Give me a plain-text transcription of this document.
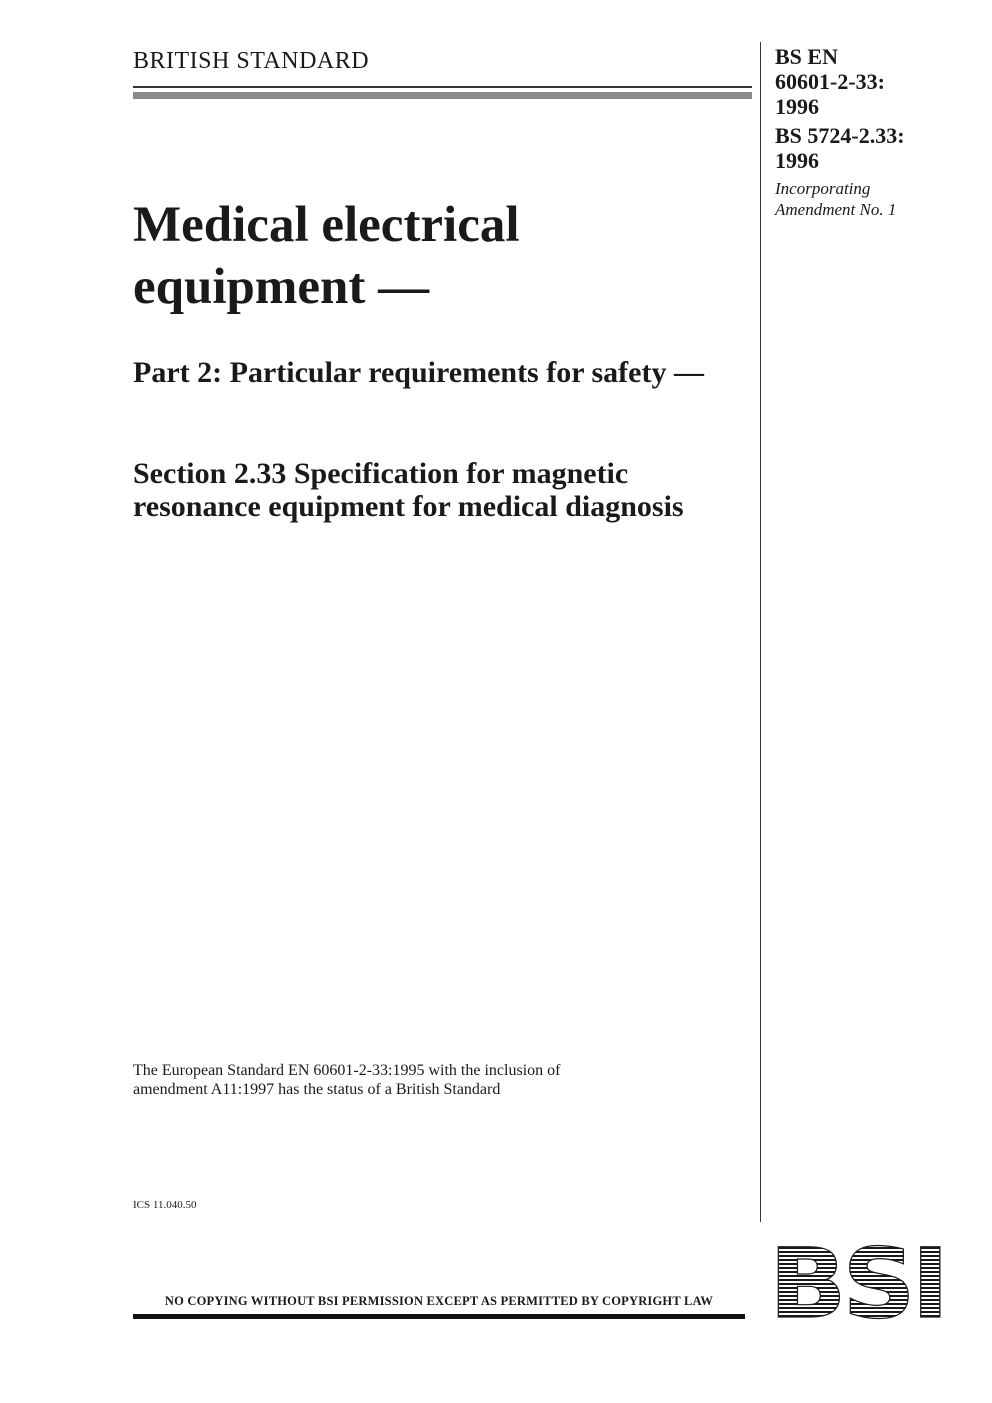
BRITISH STANDARD	BS EN
60601-2-33:
1996
BS 5724-2.33:
1996
Incorporating
Amendment No. 1
Medical electrical equipment —
Part 2: Particular requirements for safety —
Section 2.33 Specification for magnetic resonance equipment for medical diagnosis
The European Standard EN 60601-2-33:1995 with the inclusion of
amendment A11:1997 has the status of a British Standard
ICS 11.040.50
NO COPYING WITHOUT BSI PERMISSION EXCEPT AS PERMITTED BY COPYRIGHT LAW BSI
